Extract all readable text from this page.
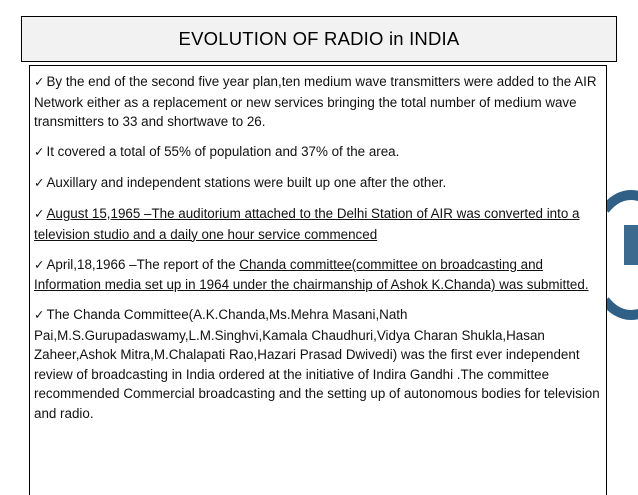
EVOLUTION OF RADIO in INDIA
✓ By the end of the second five year plan,ten medium wave transmitters were added to the AIR Network either as a replacement or new services bringing the total number of medium wave transmitters to 33 and shortwave to 26.
✓ It covered a total of 55% of population and 37% of the area.
✓ Auxillary and independent stations were built up one after the other.
✓ August 15,1965 –The auditorium attached to the Delhi Station of AIR was converted into a television studio and a daily one hour service commenced
✓ April,18,1966 –The report of the Chanda committee(committee on broadcasting and Information media set up in 1964 under the chairmanship of Ashok K.Chanda) was submitted.
✓ The Chanda Committee(A.K.Chanda,Ms.Mehra Masani,Nath Pai,M.S.Gurupadaswamy,L.M.Singhvi,Kamala Chaudhuri,Vidya Charan Shukla,Hasan Zaheer,Ashok Mitra,M.Chalapati Rao,Hazari Prasad Dwivedi) was the first ever independent review of broadcasting in India ordered at the initiative of Indira Gandhi .The committee recommended Commercial broadcasting and the setting up of autonomous bodies for television and radio.
